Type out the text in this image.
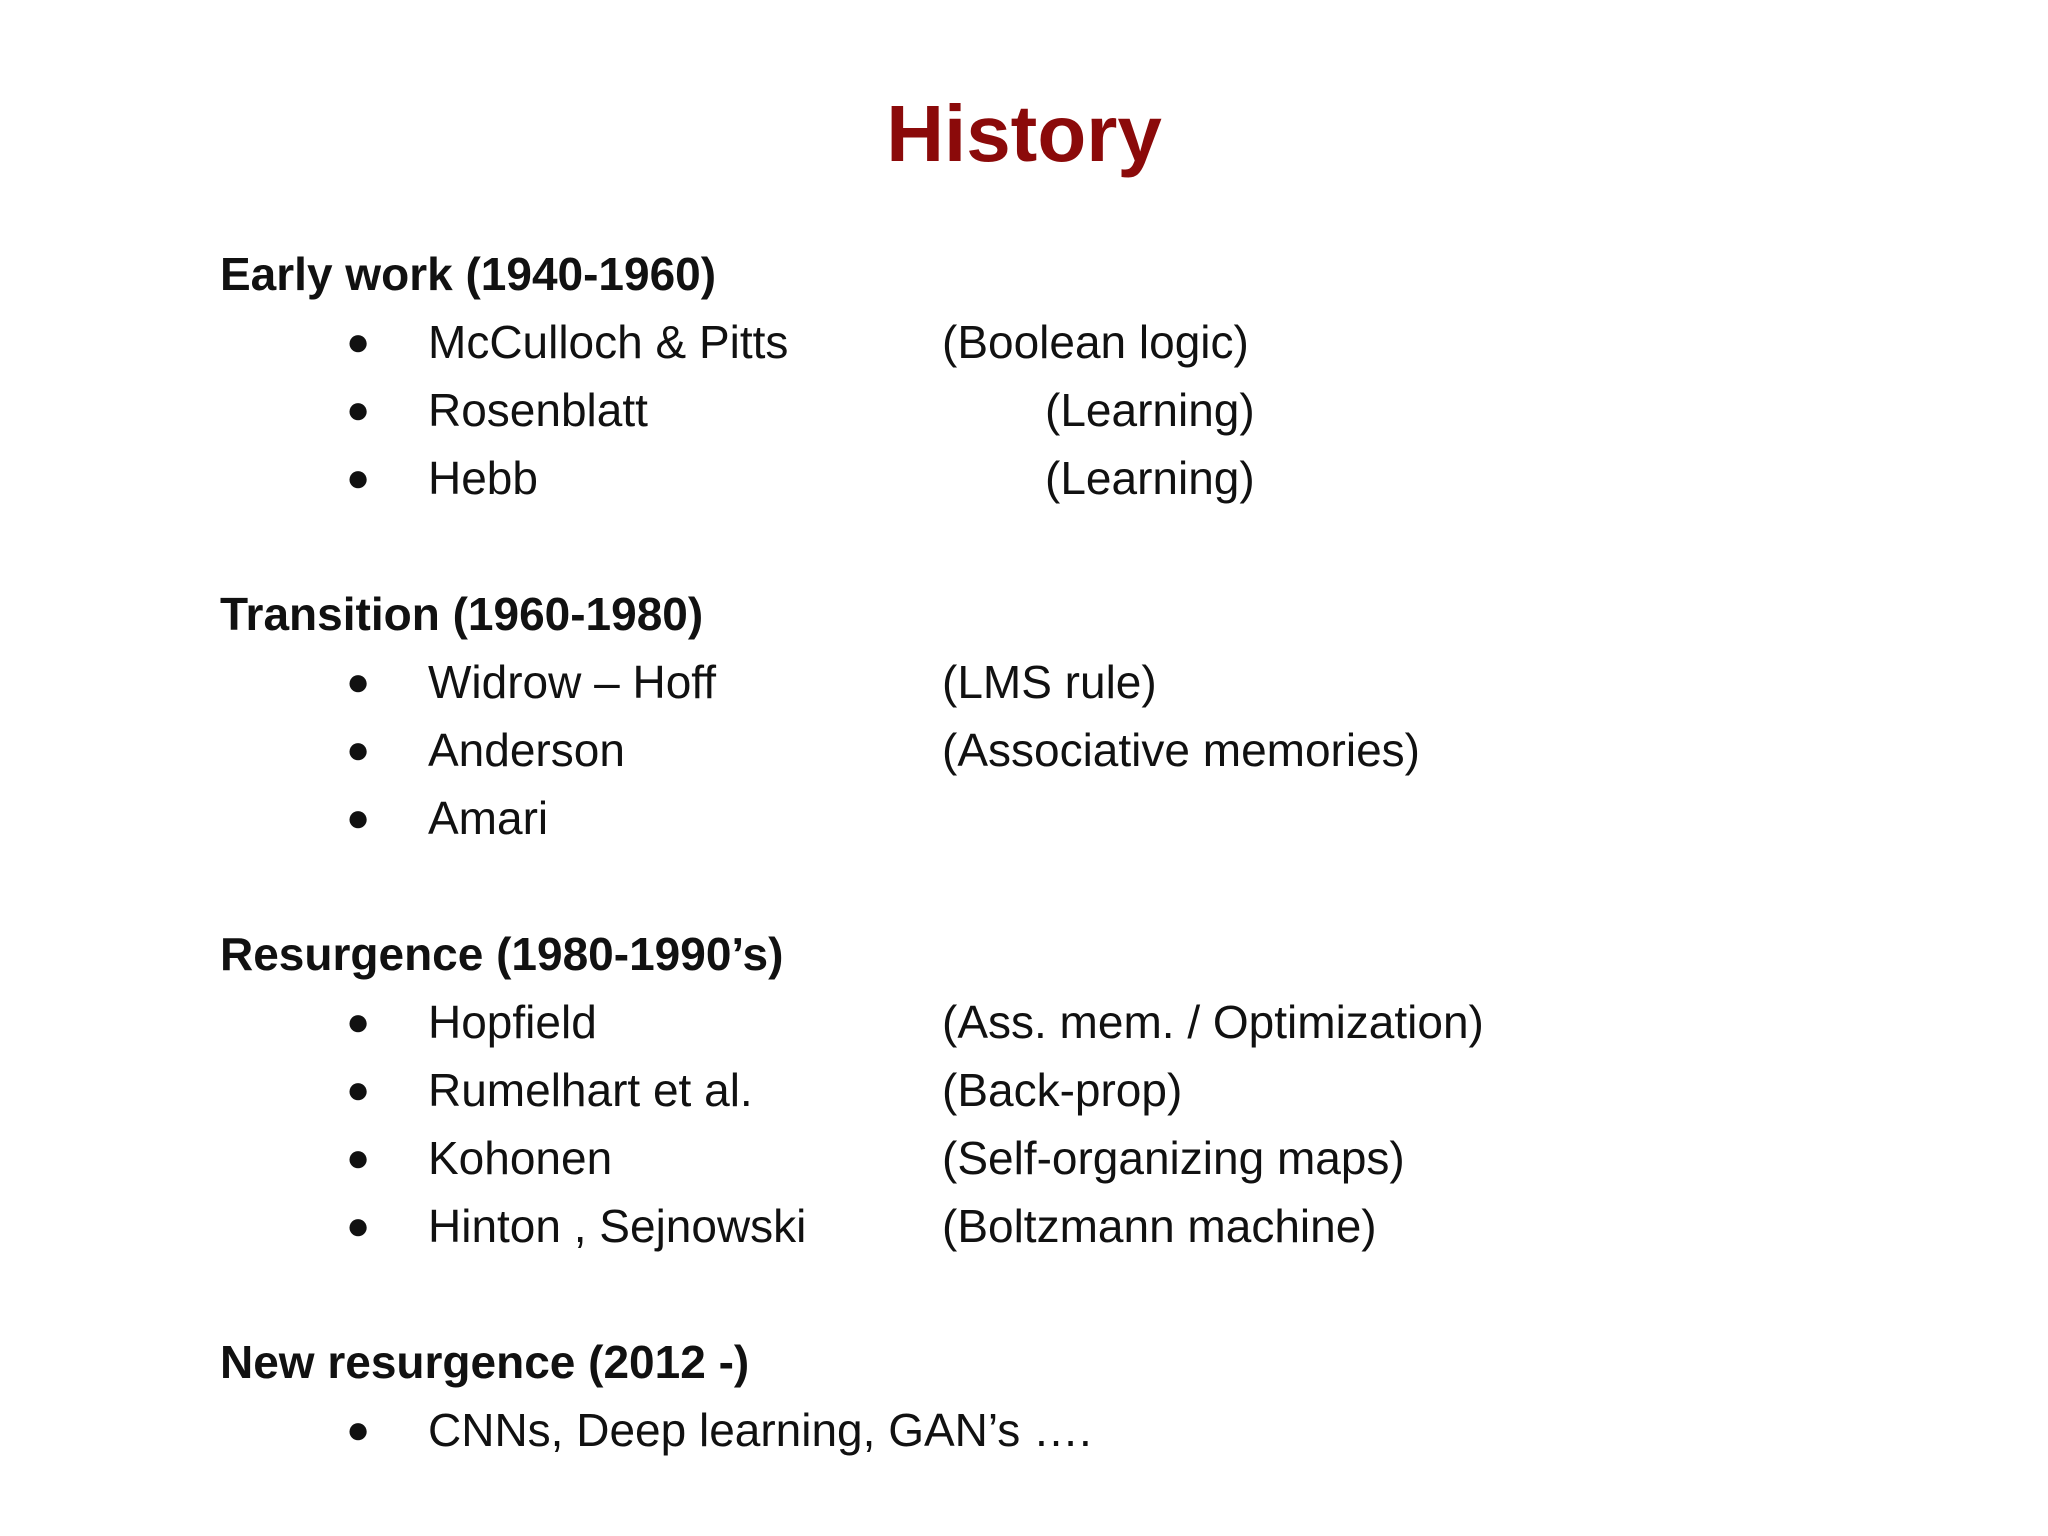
History
Early work (1940-1960)
● McCulloch & Pitts	(Boolean logic)
● Rosenblatt	(Learning)
● Hebb	(Learning)
Transition (1960-1980)
● Widrow – Hoff	(LMS rule)
● Anderson	(Associative memories)
● Amari
Resurgence (1980-1990’s)
● Hopfield	(Ass. mem. / Optimization)
● Rumelhart et al.	(Back-prop)
● Kohonen	(Self-organizing maps)
● Hinton , Sejnowski	(Boltzmann machine)
New resurgence (2012 -)
● CNNs, Deep learning, GAN’s ….
